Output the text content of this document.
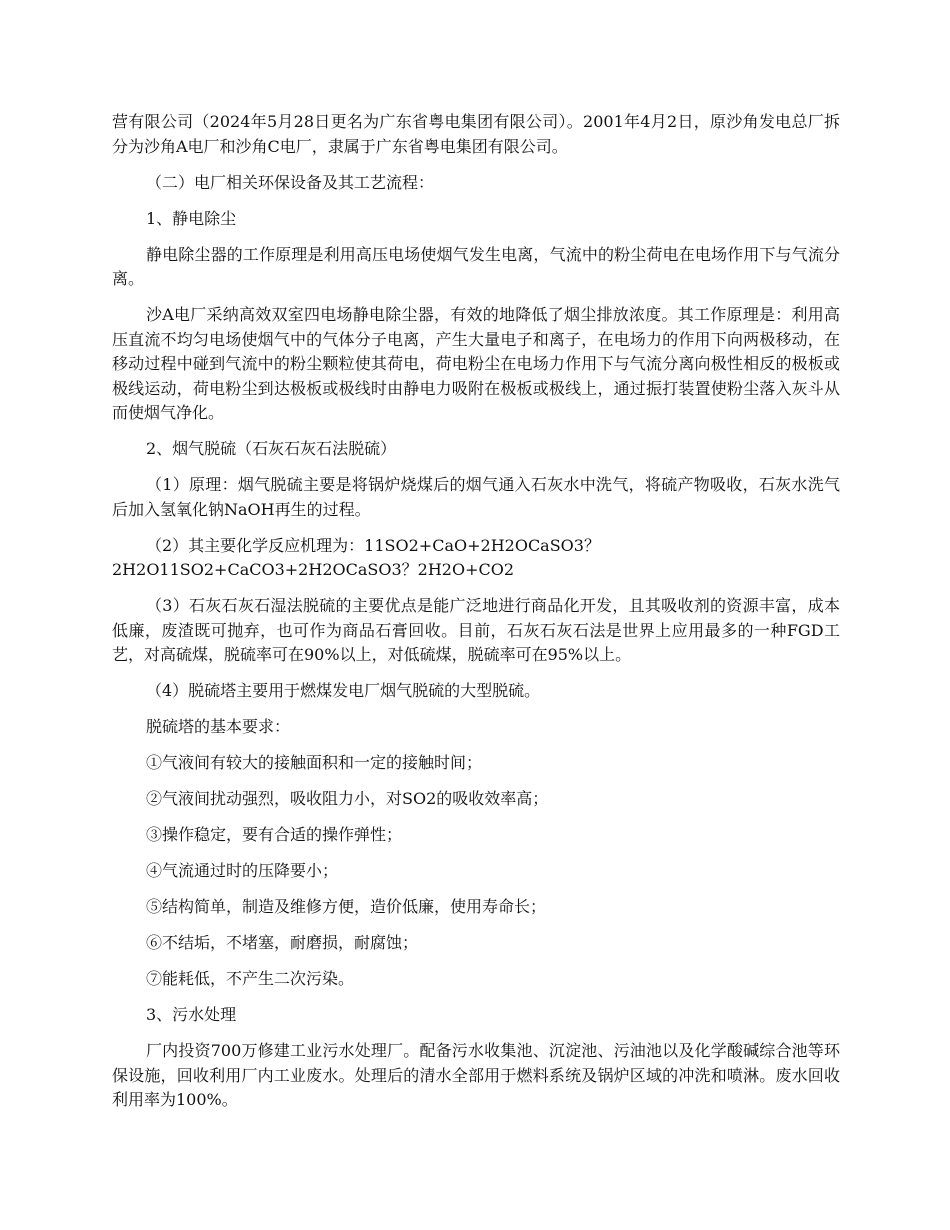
营有限公司（2024年5月28日更名为广东省粤电集团有限公司）。2001年4月2日，原沙角发电总厂拆分为沙角A电厂和沙角C电厂，隶属于广东省粤电集团有限公司。

（二）电厂相关环保设备及其工艺流程：

1、静电除尘

静电除尘器的工作原理是利用高压电场使烟气发生电离，气流中的粉尘荷电在电场作用下与气流分离。

沙A电厂采纳高效双室四电场静电除尘器，有效的地降低了烟尘排放浓度。其工作原理是：利用高压直流不均匀电场使烟气中的气体分子电离，产生大量电子和离子，在电场力的作用下向两极移动，在移动过程中碰到气流中的粉尘颗粒使其荷电，荷电粉尘在电场力作用下与气流分离向极性相反的极板或极线运动，荷电粉尘到达极板或极线时由静电力吸附在极板或极线上，通过振打装置使粉尘落入灰斗从而使烟气净化。

2、烟气脱硫（石灰石灰石法脱硫）

（1）原理：烟气脱硫主要是将锅炉烧煤后的烟气通入石灰水中洗气，将硫产物吸收，石灰水洗气后加入氢氧化钠NaOH再生的过程。

（2）其主要化学反应机理为：11SO2+CaO+2H2OCaSO3？

2H2O11SO2+CaCO3+2H2OCaSO3？2H2O+CO2

（3）石灰石灰石湿法脱硫的主要优点是能广泛地进行商品化开发，且其吸收剂的资源丰富，成本低廉，废渣既可抛弃，也可作为商品石膏回收。目前，石灰石灰石法是世界上应用最多的一种FGD工艺，对高硫煤，脱硫率可在90%以上，对低硫煤，脱硫率可在95%以上。

（4）脱硫塔主要用于燃煤发电厂烟气脱硫的大型脱硫。

脱硫塔的基本要求：

①气液间有较大的接触面积和一定的接触时间；

②气液间扰动强烈，吸收阻力小，对SO2的吸收效率高；

③操作稳定，要有合适的操作弹性；

④气流通过时的压降要小；

⑤结构简单，制造及维修方便，造价低廉，使用寿命长；

⑥不结垢，不堵塞，耐磨损，耐腐蚀；

⑦能耗低，不产生二次污染。

3、污水处理

厂内投资700万修建工业污水处理厂。配备污水收集池、沉淀池、污油池以及化学酸碱综合池等环保设施，回收利用厂内工业废水。处理后的清水全部用于燃料系统及锅炉区域的冲洗和喷淋。废水回收利用率为100%。
